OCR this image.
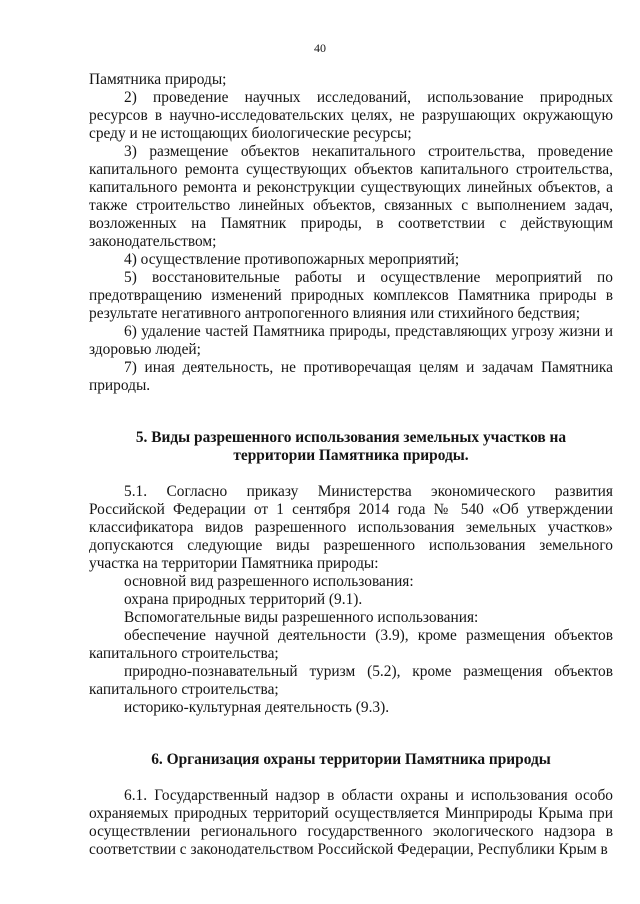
40

Памятника природы;

2) проведение научных исследований, использование природных ресурсов в научно-исследовательских целях, не разрушающих окружающую среду и не истощающих биологические ресурсы;

3) размещение объектов некапитального строительства, проведение капитального ремонта существующих объектов капитального строительства, капитального ремонта и реконструкции существующих линейных объектов, а также строительство линейных объектов, связанных с выполнением задач, возложенных на Памятник природы, в соответствии с действующим законодательством;

4) осуществление противопожарных мероприятий;

5) восстановительные работы и осуществление мероприятий по предотвращению изменений природных комплексов Памятника природы в результате негативного антропогенного влияния или стихийного бедствия;

6) удаление частей Памятника природы, представляющих угрозу жизни и здоровью людей;

7) иная деятельность, не противоречащая целям и задачам Памятника природы.

5. Виды разрешенного использования земельных участков на

территории Памятника природы.

5.1. Согласно приказу Министерства экономического развития Российской Федерации от 1 сентября 2014 года № 540 «Об утверждении классификатора видов разрешенного использования земельных участков» допускаются следующие виды разрешенного использования земельного участка на территории Памятника природы:

основной вид разрешенного использования:

охрана природных территорий (9.1).

Вспомогательные виды разрешенного использования:

обеспечение научной деятельности (3.9), кроме размещения объектов капитального строительства;

природно-познавательный туризм (5.2), кроме размещения объектов капитального строительства;

историко-культурная деятельность (9.3).

6. Организация охраны территории Памятника природы

6.1. Государственный надзор в области охраны и использования особо охраняемых природных территорий осуществляется Минприроды Крыма при осуществлении регионального государственного экологического надзора в соответствии с законодательством Российской Федерации, Республики Крым в
